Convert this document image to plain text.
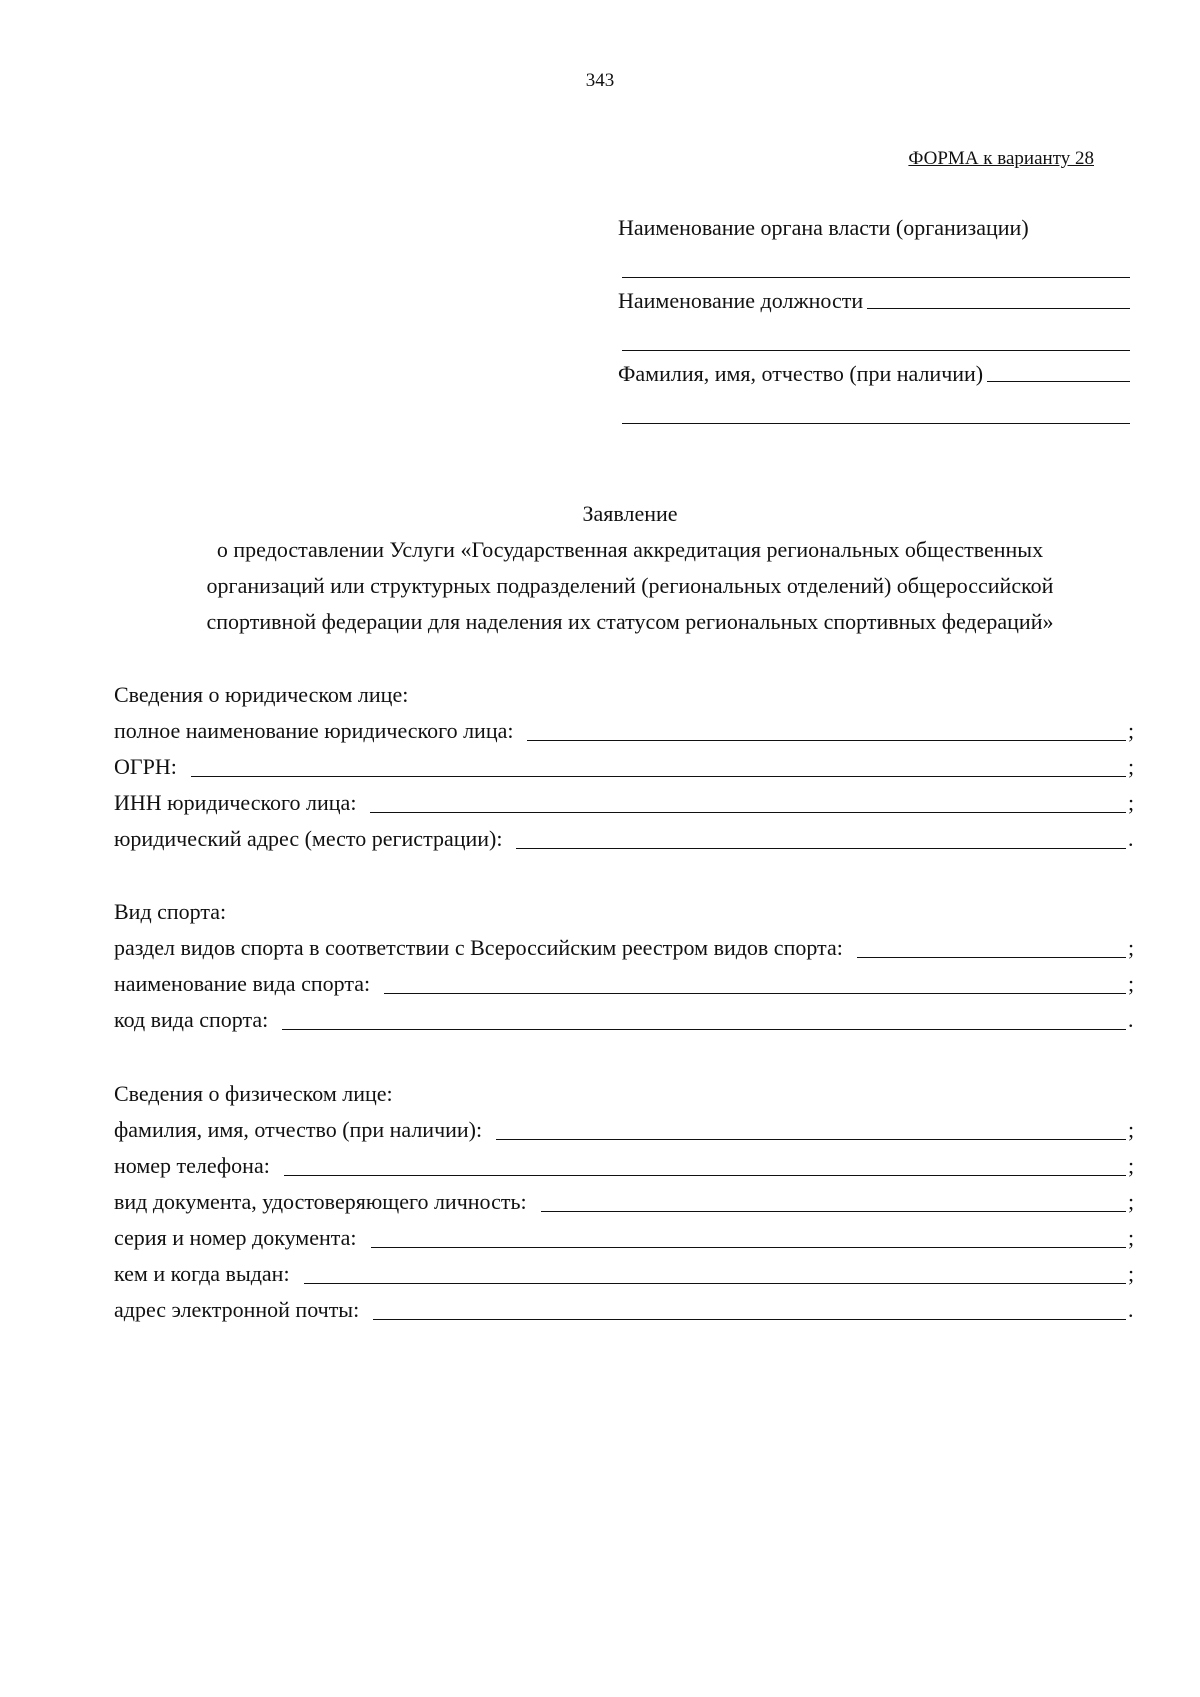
343
ФОРМА к варианту 28
Наименование органа власти (организации)
Наименование должности
Фамилия, имя, отчество (при наличии)
Заявление
о предоставлении Услуги «Государственная аккредитация региональных общественных
организаций или структурных подразделений (региональных отделений) общероссийской
спортивной федерации для наделения их статусом региональных спортивных федераций»
Сведения о юридическом лице:
полное наименование юридического лица:	;
ОГРН:	;
ИНН юридического лица:	;
юридический адрес (место регистрации):	.
Вид спорта:
раздел видов спорта в соответствии с Всероссийским реестром видов спорта:	;
наименование вида спорта:	;
код вида спорта:	.
Сведения о физическом лице:
фамилия, имя, отчество (при наличии):	;
номер телефона:	;
вид документа, удостоверяющего личность:	;
серия и номер документа:	;
кем и когда выдан:	;
адрес электронной почты:	.
